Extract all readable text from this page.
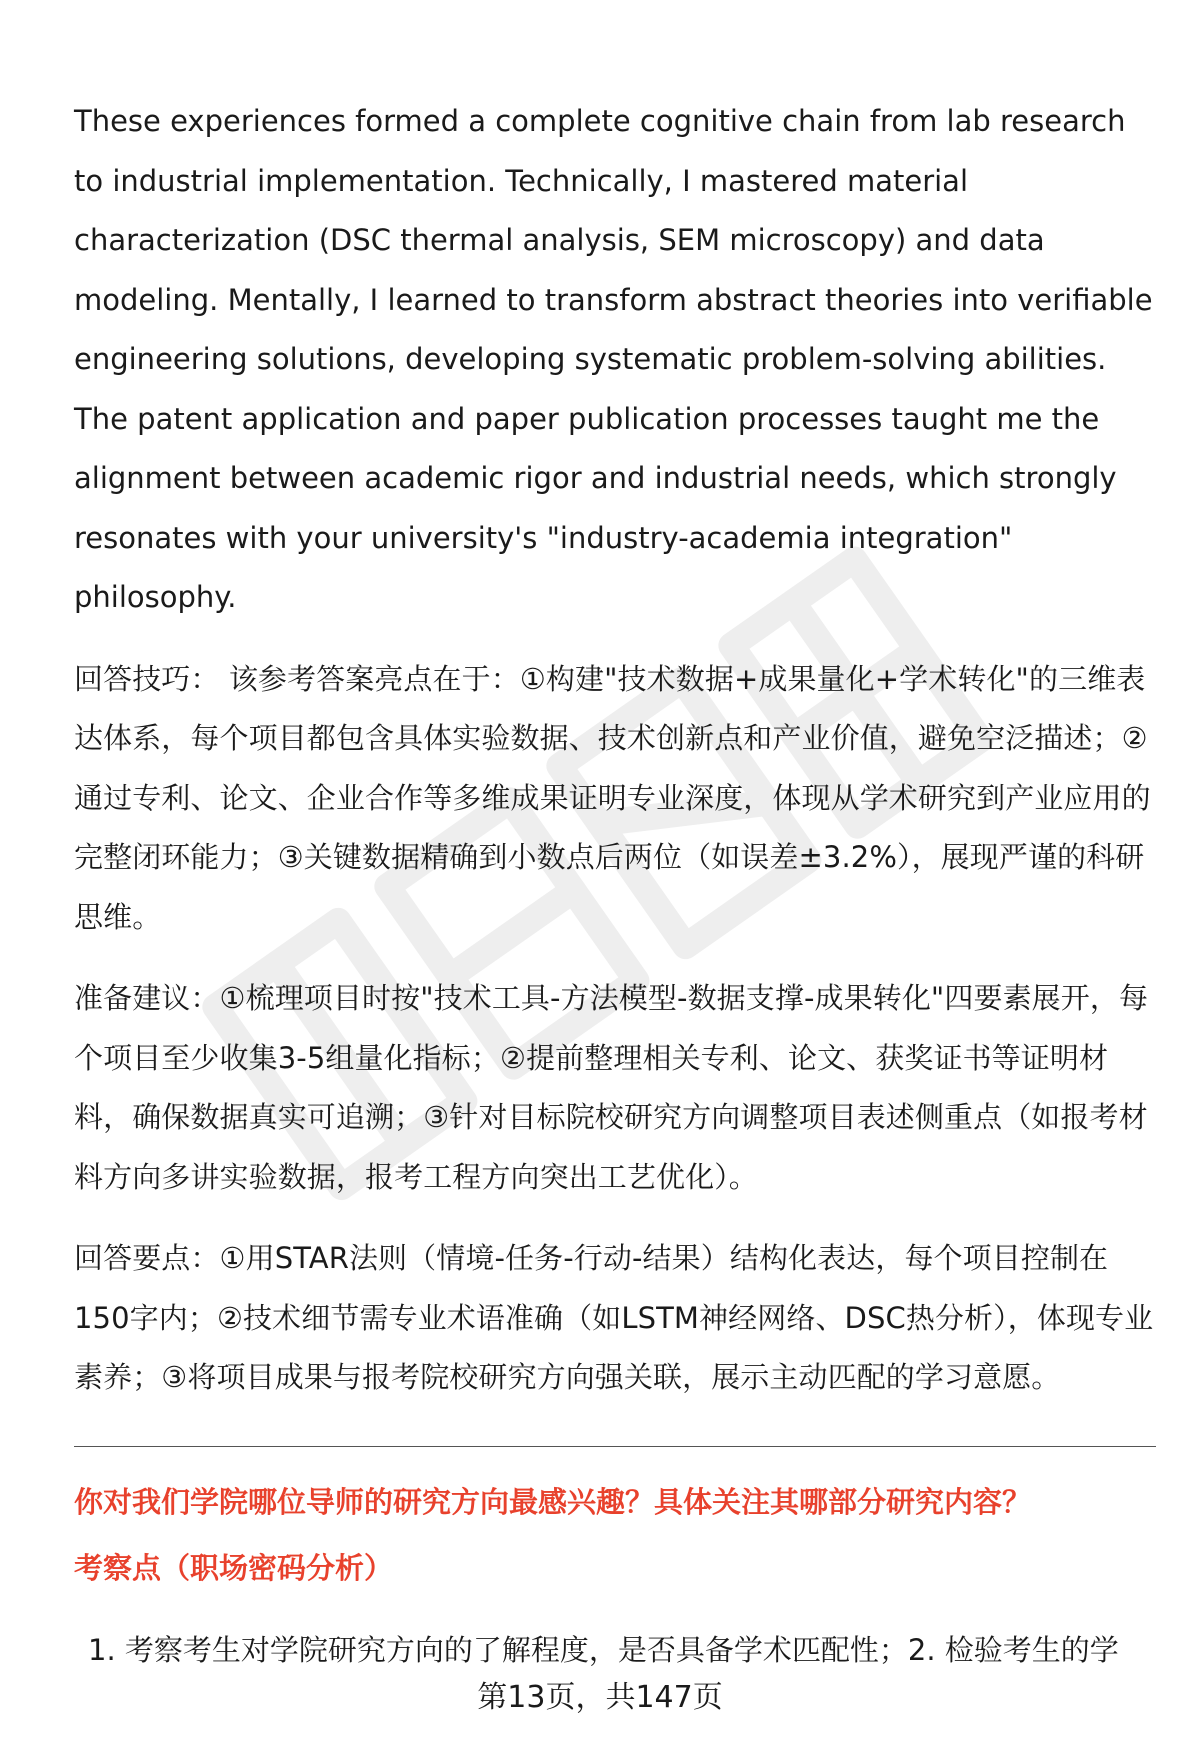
These experiences formed a complete cognitive chain from lab research to industrial implementation. Technically, I mastered material characterization (DSC thermal analysis, SEM microscopy) and data modeling. Mentally, I learned to transform abstract theories into verifiable engineering solutions, developing systematic problem-solving abilities. The patent application and paper publication processes taught me the alignment between academic rigor and industrial needs, which strongly resonates with your university's "industry-academia integration" philosophy.

回答技巧： 该参考答案亮点在于：①构建"技术数据+成果量化+学术转化"的三维表达体系，每个项目都包含具体实验数据、技术创新点和产业价值，避免空泛描述；②通过专利、论文、企业合作等多维成果证明专业深度，体现从学术研究到产业应用的完整闭环能力；③关键数据精确到小数点后两位（如误差±3.2%），展现严谨的科研思维。

准备建议：①梳理项目时按"技术工具-方法模型-数据支撑-成果转化"四要素展开，每个项目至少收集3-5组量化指标；②提前整理相关专利、论文、获奖证书等证明材料，确保数据真实可追溯；③针对目标院校研究方向调整项目表述侧重点（如报考材料方向多讲实验数据，报考工程方向突出工艺优化）。

回答要点：①用STAR法则（情境-任务-行动-结果）结构化表达，每个项目控制在150字内；②技术细节需专业术语准确（如LSTM神经网络、DSC热分析），体现专业素养；③将项目成果与报考院校研究方向强关联，展示主动匹配的学习意愿。

你对我们学院哪位导师的研究方向最感兴趣？具体关注其哪部分研究内容？
考察点（职场密码分析）
1. 考察考生对学院研究方向的了解程度，是否具备学术匹配性；2. 检验考生的学
第13页，共147页
